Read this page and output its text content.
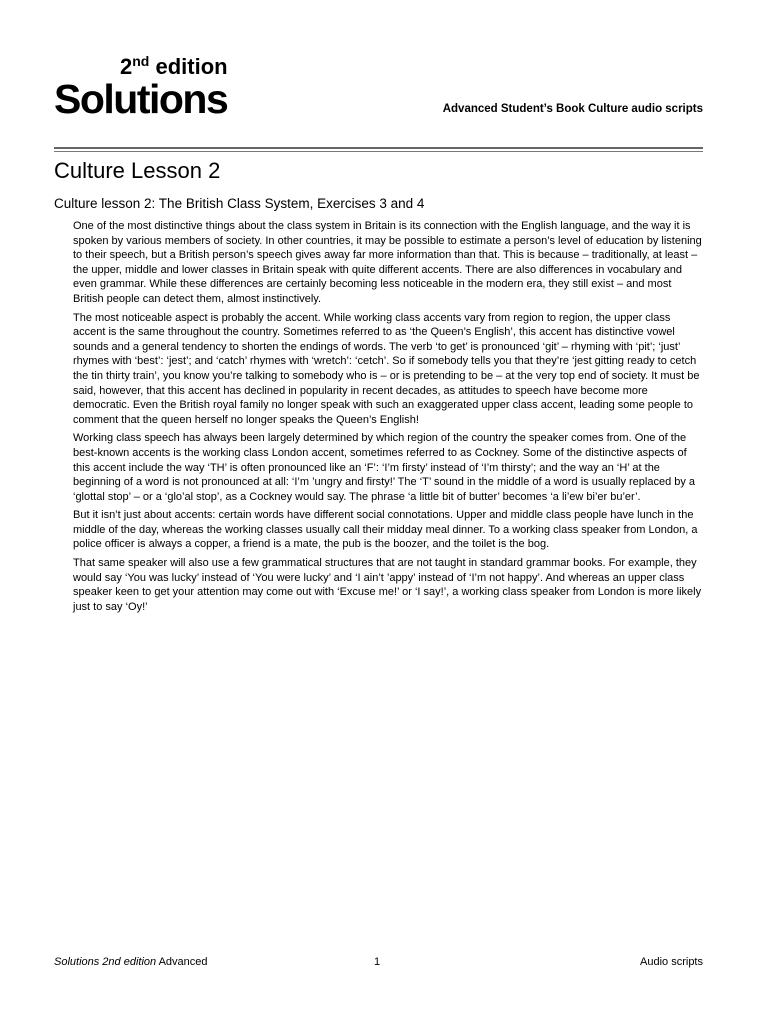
2nd edition
Solutions	Advanced Student’s Book Culture audio scripts
Culture Lesson 2
Culture lesson 2: The British Class System, Exercises 3 and 4

One of the most distinctive things about the class system in Britain is its connection with the English language, and the way it is spoken by various members of society. In other countries, it may be possible to estimate a person’s level of education by listening to their speech, but a British person’s speech gives away far more information than that. This is because – traditionally, at least – the upper, middle and lower classes in Britain speak with quite different accents. There are also differences in vocabulary and even grammar. While these differences are certainly becoming less noticeable in the modern era, they still exist – and most British people can detect them, almost instinctively.

The most noticeable aspect is probably the accent. While working class accents vary from region to region, the upper class accent is the same throughout the country. Sometimes referred to as ‘the Queen’s English’, this accent has distinctive vowel sounds and a general tendency to shorten the endings of words. The verb ‘to get’ is pronounced ‘git’ – rhyming with ‘pit’; ‘just’ rhymes with ‘best’: ‘jest’; and ‘catch’ rhymes with ‘wretch’: ‘cetch’. So if somebody tells you that they’re ‘jest gitting ready to cetch the tin thirty train’, you know you’re talking to somebody who is – or is pretending to be – at the very top end of society. It must be said, however, that this accent has declined in popularity in recent decades, as attitudes to speech have become more democratic. Even the British royal family no longer speak with such an exaggerated upper class accent, leading some people to comment that the queen herself no longer speaks the Queen’s English!

Working class speech has always been largely determined by which region of the country the speaker comes from. One of the best-known accents is the working class London accent, sometimes referred to as Cockney. Some of the distinctive aspects of this accent include the way ‘TH’ is often pronounced like an ‘F’: ‘I’m firsty’ instead of ‘I’m thirsty’; and the way an ‘H’ at the beginning of a word is not pronounced at all: ‘I’m ’ungry and firsty!’ The ‘T’ sound in the middle of a word is usually replaced by a ‘glottal stop’ – or a ‘glo’al stop’, as a Cockney would say. The phrase ‘a little bit of butter’ becomes ‘a li’ew bi’er bu’er’.

But it isn’t just about accents: certain words have different social connotations. Upper and middle class people have lunch in the middle of the day, whereas the working classes usually call their midday meal dinner. To a working class speaker from London, a police officer is always a copper, a friend is a mate, the pub is the boozer, and the toilet is the bog.

That same speaker will also use a few grammatical structures that are not taught in standard grammar books. For example, they would say ‘You was lucky’ instead of ‘You were lucky’ and ‘I ain’t ’appy’ instead of ‘I’m not happy’. And whereas an upper class speaker keen to get your attention may come out with ‘Excuse me!’ or ‘I say!’, a working class speaker from London is more likely just to say ‘Oy!’

Solutions 2nd edition Advanced	1	Audio scripts
